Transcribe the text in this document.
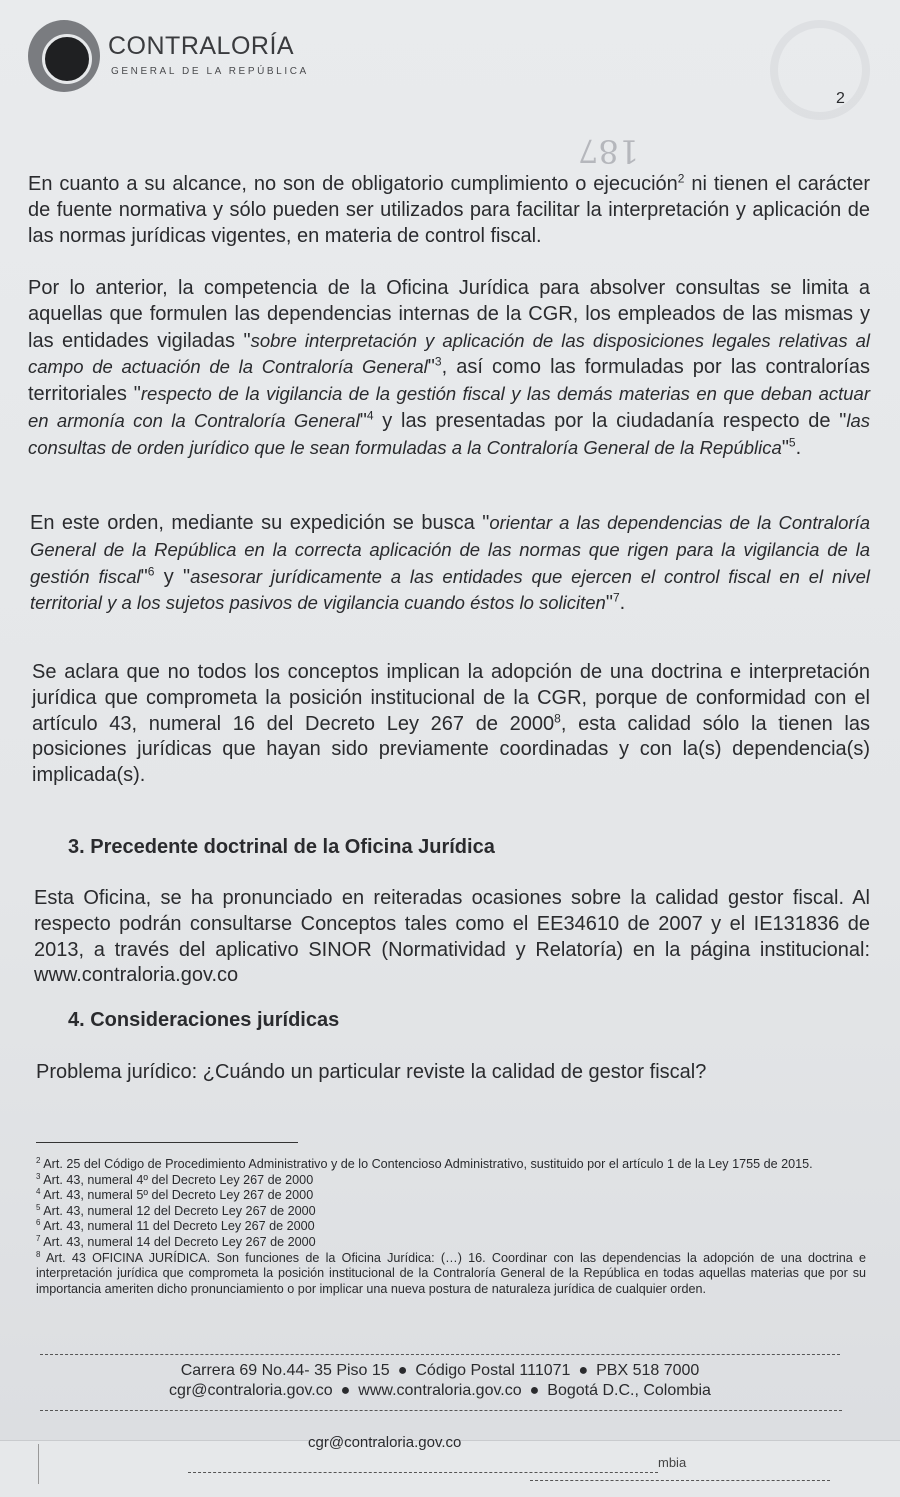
CONTRALORÍA
GENERAL DE LA REPÚBLICA
2
187

En cuanto a su alcance, no son de obligatorio cumplimiento o ejecución$^2$ ni tienen el carácter de fuente normativa y sólo pueden ser utilizados para facilitar la interpretación y aplicación de las normas jurídicas vigentes, en materia de control fiscal.

Por lo anterior, la competencia de la Oficina Jurídica para absolver consultas se limita a aquellas que formulen las dependencias internas de la CGR, los empleados de las mismas y las entidades vigiladas "sobre interpretación y aplicación de las disposiciones legales relativas al campo de actuación de la Contraloría General"$^3$, así como las formuladas por las contralorías territoriales "respecto de la vigilancia de la gestión fiscal y las demás materias en que deban actuar en armonía con la Contraloría General"$^4$ y las presentadas por la ciudadanía respecto de "las consultas de orden jurídico que le sean formuladas a la Contraloría General de la República"$^5$.

En este orden, mediante su expedición se busca "orientar a las dependencias de la Contraloría General de la República en la correcta aplicación de las normas que rigen para la vigilancia de la gestión fiscal"$^6$ y "asesorar jurídicamente a las entidades que ejercen el control fiscal en el nivel territorial y a los sujetos pasivos de vigilancia cuando éstos lo soliciten"$^7$.

Se aclara que no todos los conceptos implican la adopción de una doctrina e interpretación jurídica que comprometa la posición institucional de la CGR, porque de conformidad con el artículo 43, numeral 16 del Decreto Ley 267 de 2000$^8$, esta calidad sólo la tienen las posiciones jurídicas que hayan sido previamente coordinadas y con la(s) dependencia(s) implicada(s).

3. Precedente doctrinal de la Oficina Jurídica

Esta Oficina, se ha pronunciado en reiteradas ocasiones sobre la calidad gestor fiscal. Al respecto podrán consultarse Conceptos tales como el EE34610 de 2007 y el IE131836 de 2013, a través del aplicativo SINOR (Normatividad y Relatoría) en la página institucional: www.contraloria.gov.co

4. Consideraciones jurídicas

Problema jurídico: ¿Cuándo un particular reviste la calidad de gestor fiscal?

$^2$ Art. 25 del Código de Procedimiento Administrativo y de lo Contencioso Administrativo, sustituido por el artículo 1 de la Ley 1755 de 2015.

$^3$ Art. 43, numeral 4º del Decreto Ley 267 de 2000

$^4$ Art. 43, numeral 5º del Decreto Ley 267 de 2000

$^5$ Art. 43, numeral 12 del Decreto Ley 267 de 2000

$^6$ Art. 43, numeral 11 del Decreto Ley 267 de 2000

$^7$ Art. 43, numeral 14 del Decreto Ley 267 de 2000

$^8$ Art. 43 OFICINA JURÍDICA. Son funciones de la Oficina Jurídica: (…) 16. Coordinar con las dependencias la adopción de una doctrina e interpretación jurídica que comprometa la posición institucional de la Contraloría General de la República en todas aquellas materias que por su importancia ameriten dicho pronunciamiento o por implicar una nueva postura de naturaleza jurídica de cualquier orden.

Carrera 69 No.44- 35 Piso 15 ● Código Postal 111071 ● PBX 518 7000
cgr@contraloria.gov.co ● www.contraloria.gov.co ● Bogotá D.C., Colombia
cgr@contraloria.gov.co
mbia
